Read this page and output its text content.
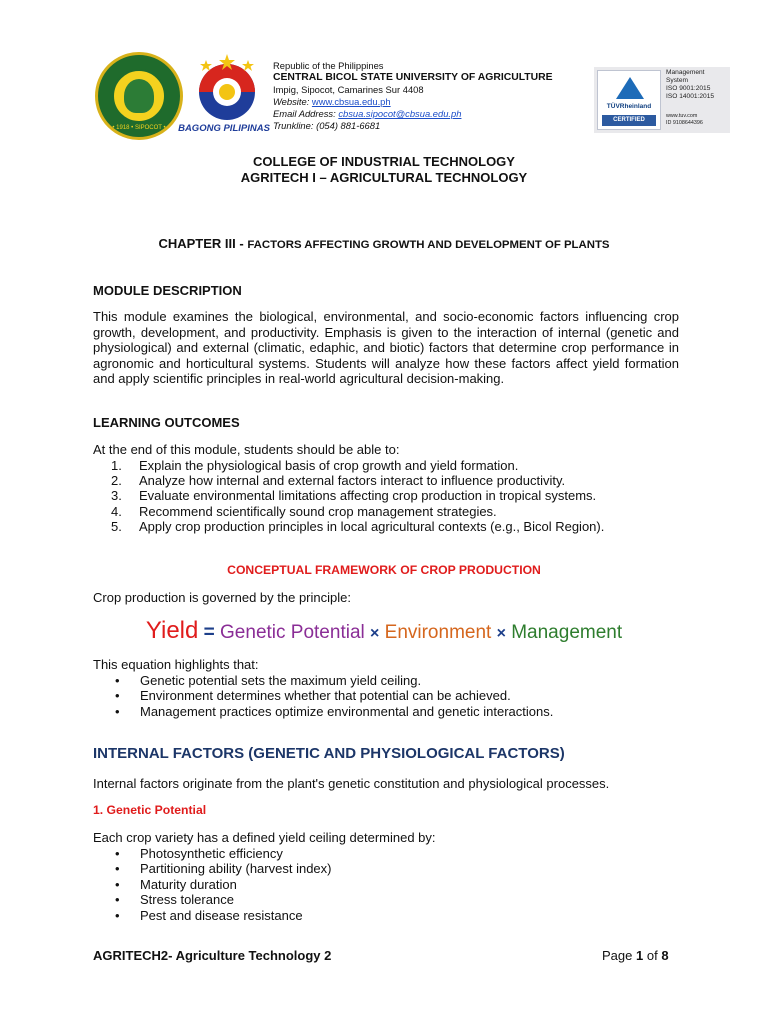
• 1918 • SIPOCOT •	BAGONG PILIPINAS
Republic of the Philippines
CENTRAL BICOL STATE UNIVERSITY OF AGRICULTURE
Impig, Sipocot, Camarines Sur 4408
Website: www.cbsua.edu.ph
Email Address: cbsua.sipocot@cbsua.edu.ph
Trunkline: (054) 881-6681
TÜVRheinland
CERTIFIED
Management
System
ISO 9001:2015
ISO 14001:2015
www.tuv.com
ID 9108644396
COLLEGE OF INDUSTRIAL TECHNOLOGY
AGRITECH I – AGRICULTURAL TECHNOLOGY
CHAPTER III - FACTORS AFFECTING GROWTH AND DEVELOPMENT OF PLANTS
MODULE DESCRIPTION
This module examines the biological, environmental, and socio-economic factors influencing crop growth, development, and productivity. Emphasis is given to the interaction of internal (genetic and physiological) and external (climatic, edaphic, and biotic) factors that determine crop performance in agronomic and horticultural systems. Students will analyze how these factors affect yield formation and apply scientific principles in real-world agricultural decision-making.
LEARNING OUTCOMES
At the end of this module, students should be able to:
1. Explain the physiological basis of crop growth and yield formation.
2. Analyze how internal and external factors interact to influence productivity.
3. Evaluate environmental limitations affecting crop production in tropical systems.
4. Recommend scientifically sound crop management strategies.
5. Apply crop production principles in local agricultural contexts (e.g., Bicol Region).
CONCEPTUAL FRAMEWORK OF CROP PRODUCTION
Crop production is governed by the principle:
Yield = Genetic Potential × Environment × Management
This equation highlights that:
• Genetic potential sets the maximum yield ceiling.
• Environment determines whether that potential can be achieved.
• Management practices optimize environmental and genetic interactions.
INTERNAL FACTORS (GENETIC AND PHYSIOLOGICAL FACTORS)
Internal factors originate from the plant's genetic constitution and physiological processes.
1. Genetic Potential
Each crop variety has a defined yield ceiling determined by:
• Photosynthetic efficiency
• Partitioning ability (harvest index)
• Maturity duration
• Stress tolerance
• Pest and disease resistance
AGRITECH2- Agriculture Technology 2	Page 1 of 8
